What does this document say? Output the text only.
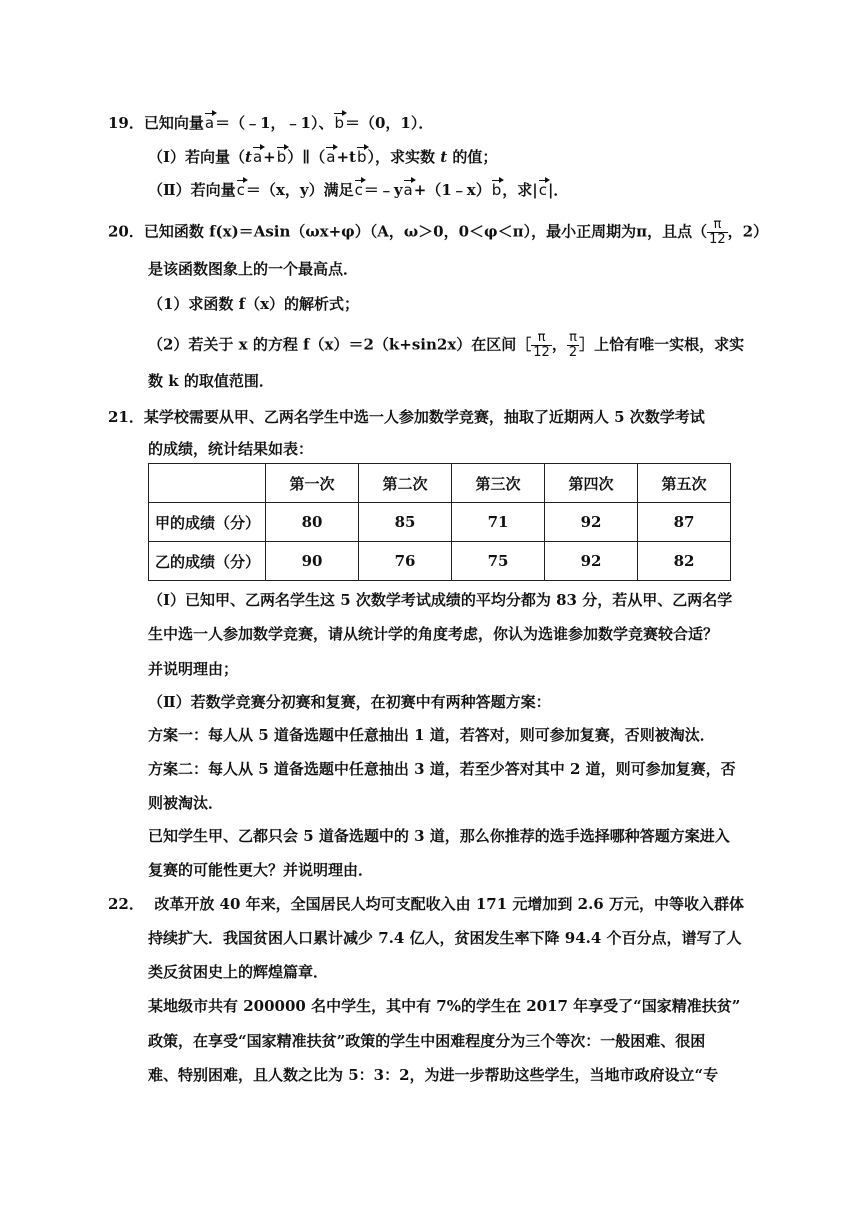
19．已知向量a＝（﹣1，﹣1）、b＝（0，1）．
（Ⅰ）若向量（ta+b）∥（a+tb），求实数 t 的值；
（Ⅱ）若向量c＝（x，y）满足c＝﹣ya+（1﹣x）b，求|c|．
20．已知函数 f(x)＝Asin（ωx+φ）（A，ω＞0，0＜φ＜π），最小正周期为π，且点（ $\frac{\pi}{12}$ ，2）
是该函数图象上的一个最高点．
（1）求函数 f（x）的解析式；
（2）若关于 x 的方程 f（x）＝2（k+sin2x）在区间［ $\frac{\pi}{12}$ ， $\frac{\pi}{2}$ ］上恰有唯一实根，求实
数 k 的取值范围．
21．某学校需要从甲、乙两名学生中选一人参加数学竞赛，抽取了近期两人 5 次数学考试
的成绩，统计结果如表：
	第一次	第二次	第三次	第四次	第五次
甲的成绩（分）	80	85	71	92	87
乙的成绩（分）	90	76	75	92	82
（Ⅰ）已知甲、乙两名学生这 5 次数学考试成绩的平均分都为 83 分，若从甲、乙两名学
生中选一人参加数学竞赛，请从统计学的角度考虑，你认为选谁参加数学竞赛较合适？
并说明理由；
（Ⅱ）若数学竞赛分初赛和复赛，在初赛中有两种答题方案：
方案一：每人从 5 道备选题中任意抽出 1 道，若答对，则可参加复赛，否则被淘汰．
方案二：每人从 5 道备选题中任意抽出 3 道，若至少答对其中 2 道，则可参加复赛，否
则被淘汰．
已知学生甲、乙都只会 5 道备选题中的 3 道，那么你推荐的选手选择哪种答题方案进入
复赛的可能性更大？并说明理由．
22． 改革开放 40 年来，全国居民人均可支配收入由 171 元增加到 2.6 万元，中等收入群体
持续扩大．我国贫困人口累计减少 7.4 亿人，贫困发生率下降 94.4 个百分点，谱写了人
类反贫困史上的辉煌篇章．
某地级市共有 200000 名中学生，其中有 7%的学生在 2017 年享受了“国家精准扶贫”
政策，在享受“国家精准扶贫”政策的学生中困难程度分为三个等次：一般困难、很困
难、特别困难，且人数之比为 5：3：2，为进一步帮助这些学生，当地市政府设立“专
